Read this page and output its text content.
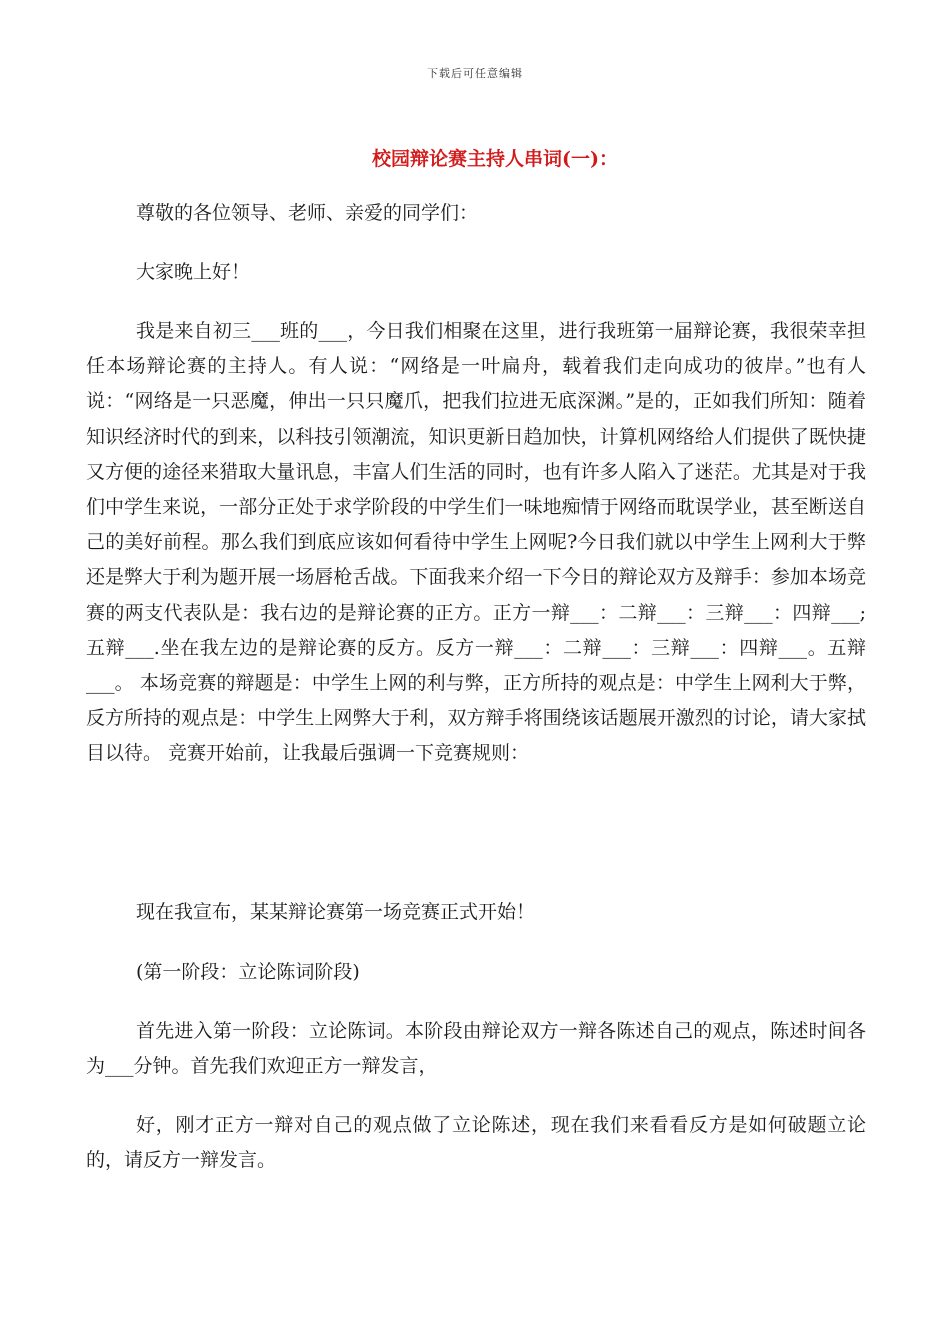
下载后可任意编辑
校园辩论赛主持人串词(一)：

尊敬的各位领导、老师、亲爱的同学们：

大家晚上好！

我是来自初三___班的___，今日我们相聚在这里，进行我班第一届辩论赛，我很荣幸担任本场辩论赛的主持人。有人说：“网络是一叶扁舟，载着我们走向成功的彼岸。”也有人说：“网络是一只恶魔，伸出一只只魔爪，把我们拉进无底深渊。”是的，正如我们所知：随着知识经济时代的到来，以科技引领潮流，知识更新日趋加快，计算机网络给人们提供了既快捷又方便的途径来猎取大量讯息，丰富人们生活的同时，也有许多人陷入了迷茫。尤其是对于我们中学生来说，一部分正处于求学阶段的中学生们一味地痴情于网络而耽误学业，甚至断送自己的美好前程。那么我们到底应该如何看待中学生上网呢?今日我们就以中学生上网利大于弊还是弊大于利为题开展一场唇枪舌战。下面我来介绍一下今日的辩论双方及辩手：参加本场竞赛的两支代表队是：我右边的是辩论赛的正方。正方一辩___：二辩___：三辩___：四辩___;五辩___.坐在我左边的是辩论赛的反方。反方一辩___：二辩___：三辩___：四辩___。五辩___。 本场竞赛的辩题是：中学生上网的利与弊，正方所持的观点是：中学生上网利大于弊，反方所持的观点是：中学生上网弊大于利，双方辩手将围绕该话题展开激烈的讨论，请大家拭目以待。 竞赛开始前，让我最后强调一下竞赛规则：

现在我宣布，某某辩论赛第一场竞赛正式开始！

(第一阶段：立论陈词阶段)

首先进入第一阶段：立论陈词。本阶段由辩论双方一辩各陈述自己的观点，陈述时间各为___分钟。首先我们欢迎正方一辩发言，

好，刚才正方一辩对自己的观点做了立论陈述，现在我们来看看反方是如何破题立论的，请反方一辩发言。
